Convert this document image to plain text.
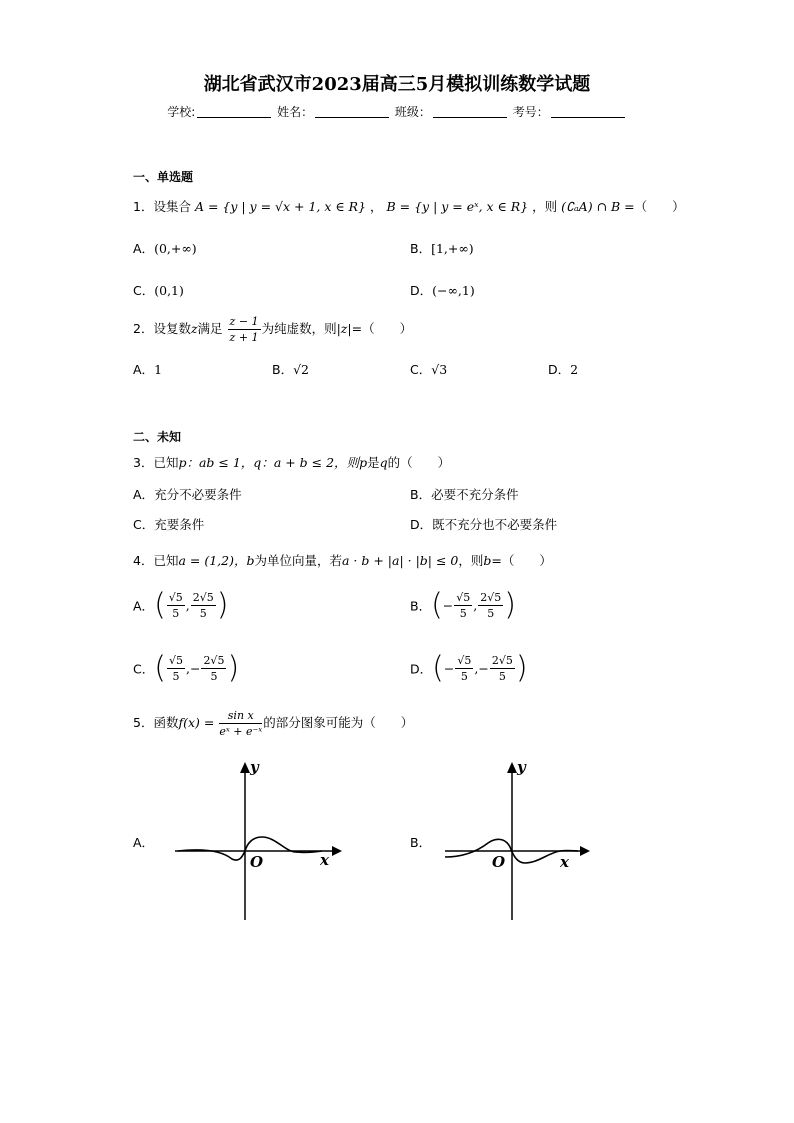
湖北省武汉市2023届高三5月模拟训练数学试题
学校:	姓名：	班级：	考号：
一、单选题
1．设集合 A = {y | y = √x + 1, x ∈ R} ， B = {y | y = eˣ, x ∈ R} ，则 (∁ₐA) ∩ B =（　　）
A．(0,+∞)	B．[1,+∞)
C．(0,1)	D．(−∞,1)
2．设复数z满足 $\frac{z - 1}{z + 1}$ 为纯虚数，则|z|=（　　）
A．1	B．√2	C．√3	D．2
二、未知
3．已知p：ab ≤ 1，q：a + b ≤ 2，则p是q的（　　）
A．充分不必要条件	B．必要不充分条件
C．充要条件	D．既不充分也不必要条件
4．已知a = (1,2)，b为单位向量，若a · b + |a| · |b| ≤ 0，则b=（　　）
A．( $\frac{√5}{5}$ , $\frac{2√5}{5}$ )	B．(− $\frac{√5}{5}$ , $\frac{2√5}{5}$ )
C．( $\frac{√5}{5}$ ,− $\frac{2√5}{5}$ )	D．(− $\frac{√5}{5}$ ,− $\frac{2√5}{5}$ )
5．函数$f(x) = \frac{\text{sin x}}{\text{eˣ + e⁻ˣ}}$ 的部分图象可能为（　　）
A．
y
x
O
B．
y
x
O
